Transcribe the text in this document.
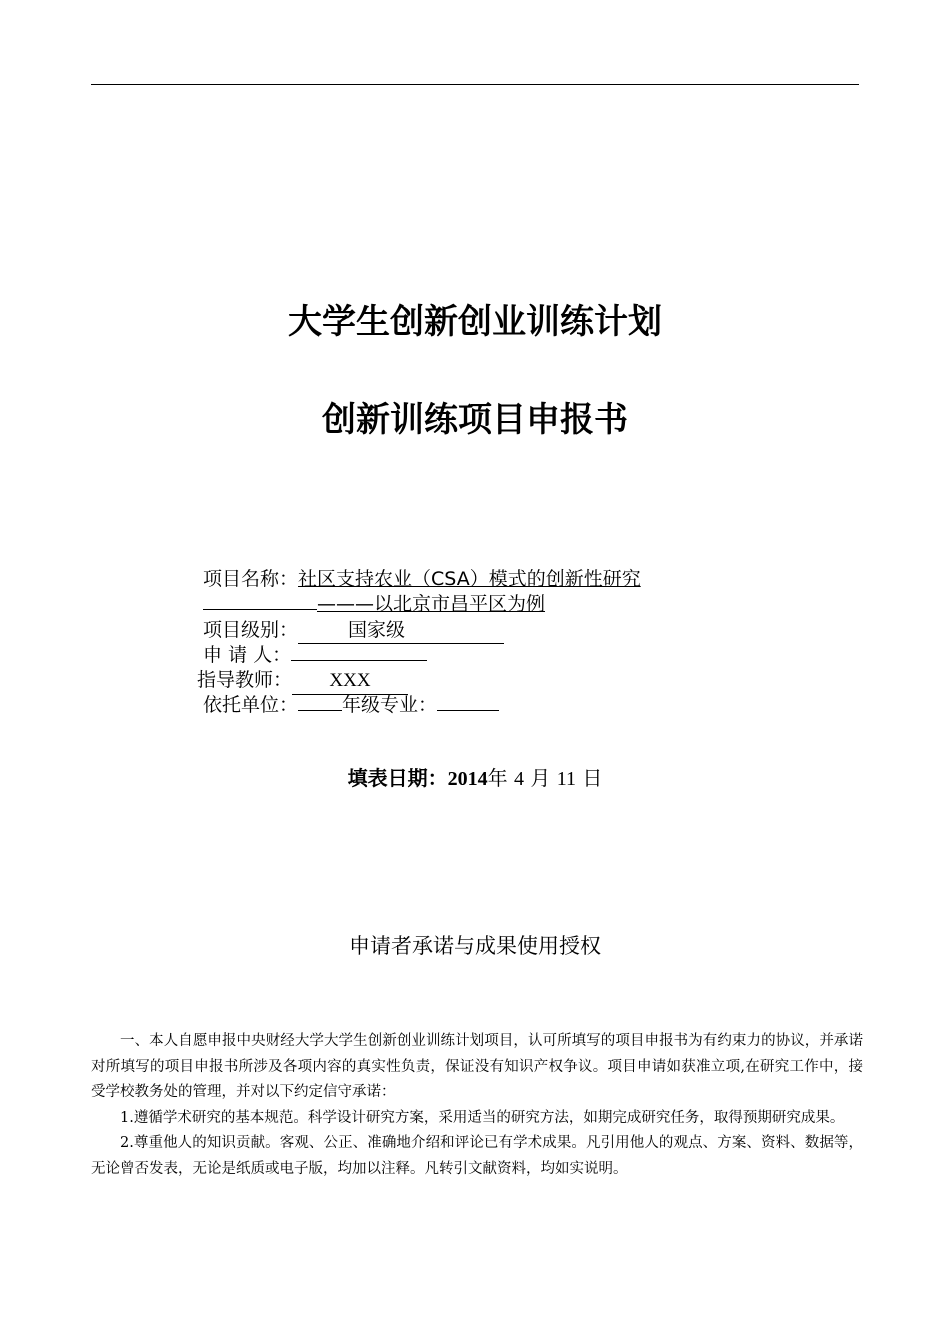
大学生创新创业训练计划
创新训练项目申报书
项目名称：社区支持农业（CSA）模式的创新性研究
———以北京市昌平区为例
项目级别：	国家级
申 请 人：
指导教师： XXX
依托单位： 年级专业：
填表日期：2014年 4 月 11 日
申请者承诺与成果使用授权

一、本人自愿申报中央财经大学大学生创新创业训练计划项目，认可所填写的项目申报书为有约束力的协议，并承诺对所填写的项目申报书所涉及各项内容的真实性负责，保证没有知识产权争议。项目申请如获准立项,在研究工作中，接受学校教务处的管理，并对以下约定信守承诺：

1.遵循学术研究的基本规范。科学设计研究方案，采用适当的研究方法，如期完成研究任务，取得预期研究成果。

2.尊重他人的知识贡献。客观、公正、准确地介绍和评论已有学术成果。凡引用他人的观点、方案、资料、数据等，无论曾否发表，无论是纸质或电子版，均加以注释。凡转引文献资料，均如实说明。
